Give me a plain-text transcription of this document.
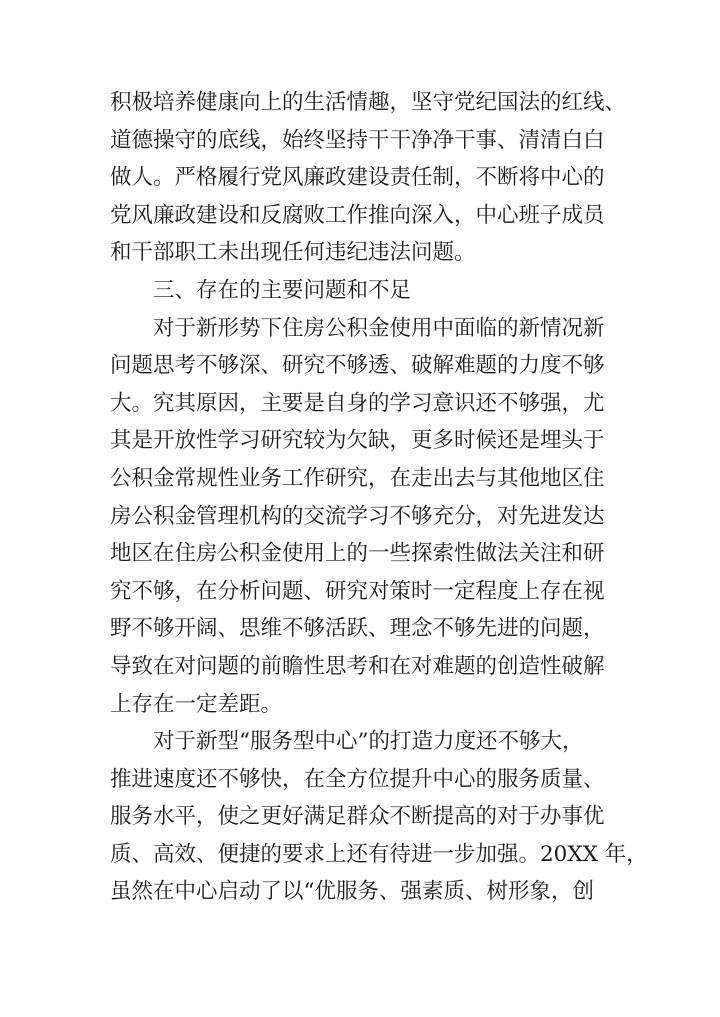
积极培养健康向上的生活情趣，坚守党纪国法的红线、
道德操守的底线，始终坚持干干净净干事、清清白白
做人。严格履行党风廉政建设责任制，不断将中心的
党风廉政建设和反腐败工作推向深入，中心班子成员
和干部职工未出现任何违纪违法问题。
三、存在的主要问题和不足
对于新形势下住房公积金使用中面临的新情况新
问题思考不够深、研究不够透、破解难题的力度不够
大。究其原因，主要是自身的学习意识还不够强，尤
其是开放性学习研究较为欠缺，更多时候还是埋头于
公积金常规性业务工作研究，在走出去与其他地区住
房公积金管理机构的交流学习不够充分，对先进发达
地区在住房公积金使用上的一些探索性做法关注和研
究不够，在分析问题、研究对策时一定程度上存在视
野不够开阔、思维不够活跃、理念不够先进的问题，
导致在对问题的前瞻性思考和在对难题的创造性破解
上存在一定差距。
对于新型“服务型中心”的打造力度还不够大，
推进速度还不够快，在全方位提升中心的服务质量、
服务水平，使之更好满足群众不断提高的对于办事优
质、高效、便捷的要求上还有待进一步加强。20XX 年，
虽然在中心启动了以“优服务、强素质、树形象，创
